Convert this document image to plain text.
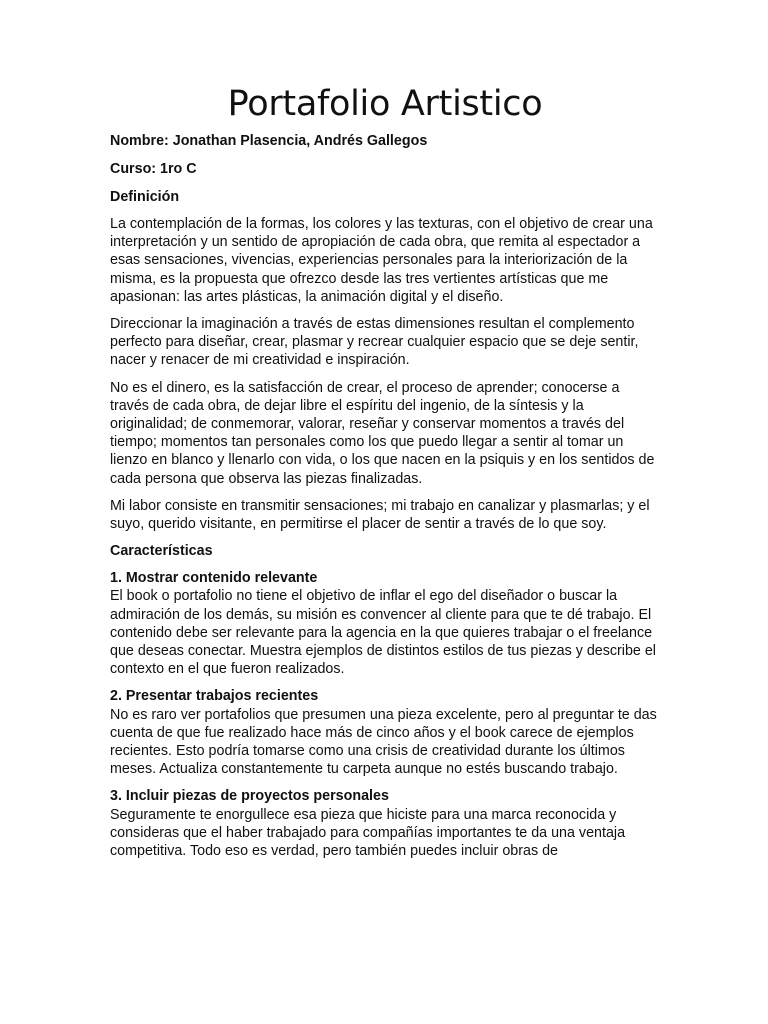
Portafolio Artistico

Nombre: Jonathan Plasencia, Andrés Gallegos

Curso: 1ro C

Definición

La contemplación de la formas, los colores y las texturas, con el objetivo de crear una interpretación y un sentido de apropiación de cada obra, que remita al espectador a esas sensaciones, vivencias, experiencias personales para la interiorización de la misma, es la propuesta que ofrezco desde las tres vertientes artísticas que me apasionan: las artes plásticas, la animación digital y el diseño.

Direccionar la imaginación a través de estas dimensiones resultan el complemento perfecto para diseñar, crear, plasmar y recrear cualquier espacio que se deje sentir, nacer y renacer de mi creatividad e inspiración.

No es el dinero, es la satisfacción de crear, el proceso de aprender; conocerse a través de cada obra, de dejar libre el espíritu del ingenio, de la síntesis y la originalidad; de conmemorar, valorar, reseñar y conservar momentos a través del tiempo; momentos tan personales como los que puedo llegar a sentir al tomar un lienzo en blanco y llenarlo con vida, o los que nacen en la psiquis y en los sentidos de cada persona que observa las piezas finalizadas.

Mi labor consiste en transmitir sensaciones; mi trabajo en canalizar y plasmarlas; y el suyo, querido visitante, en permitirse el placer de sentir a través de lo que soy.

Características

1. Mostrar contenido relevante
El book o portafolio no tiene el objetivo de inflar el ego del diseñador o buscar la admiración de los demás, su misión es convencer al cliente para que te dé trabajo. El contenido debe ser relevante para la agencia en la que quieres trabajar o el freelance que deseas conectar. Muestra ejemplos de distintos estilos de tus piezas y describe el contexto en el que fueron realizados.
2. Presentar trabajos recientes
No es raro ver portafolios que presumen una pieza excelente, pero al preguntar te das cuenta de que fue realizado hace más de cinco años y el book carece de ejemplos recientes. Esto podría tomarse como una crisis de creatividad durante los últimos meses. Actualiza constantemente tu carpeta aunque no estés buscando trabajo.
3. Incluir piezas de proyectos personales
Seguramente te enorgullece esa pieza que hiciste para una marca reconocida y consideras que el haber trabajado para compañías importantes te da una ventaja competitiva. Todo eso es verdad, pero también puedes incluir obras de
